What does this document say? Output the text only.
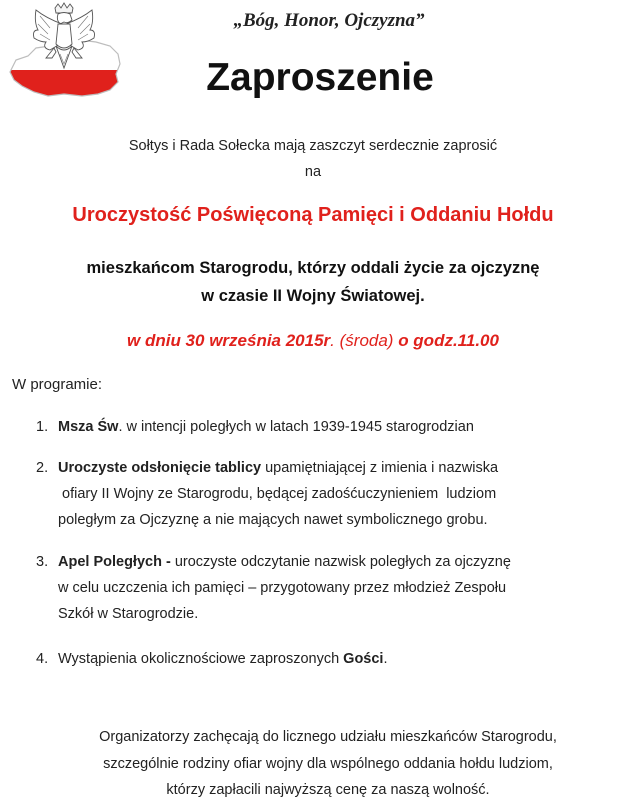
„Bóg, Honor, Ojczyzna”
Zaproszenie
Sołtys i Rada Sołecka mają zaszczyt serdecznie zaprosić
na
Uroczystość Poświęconą Pamięci i Oddaniu Hołdu
mieszkańcom Starogrodu, którzy oddali życie za ojczyznę
w czasie II Wojny Światowej.
w dniu 30 września 2015r. (środa) o godz.11.00
W programie:
1. Msza Św. w intencji poległych w latach 1939-1945 starogrodzian
2. Uroczyste odsłonięcie tablicy upamiętniającej z imienia i nazwiska
ofiary II Wojny ze Starogrodu, będącej zadośćuczynieniem  ludziom
poległym za Ojczyznę a nie mających nawet symbolicznego grobu.
3. Apel Poległych - uroczyste odczytanie nazwisk poległych za ojczyznę
w celu uczczenia ich pamięci – przygotowany przez młodzież Zespołu
Szkół w Starogrodzie.
4. Wystąpienia okolicznościowe zaproszonych Gości.
Organizatorzy zachęcają do licznego udziału mieszkańców Starogrodu,
szczególnie rodziny ofiar wojny dla wspólnego oddania hołdu ludziom,
którzy zapłacili najwyższą cenę za naszą wolność.
